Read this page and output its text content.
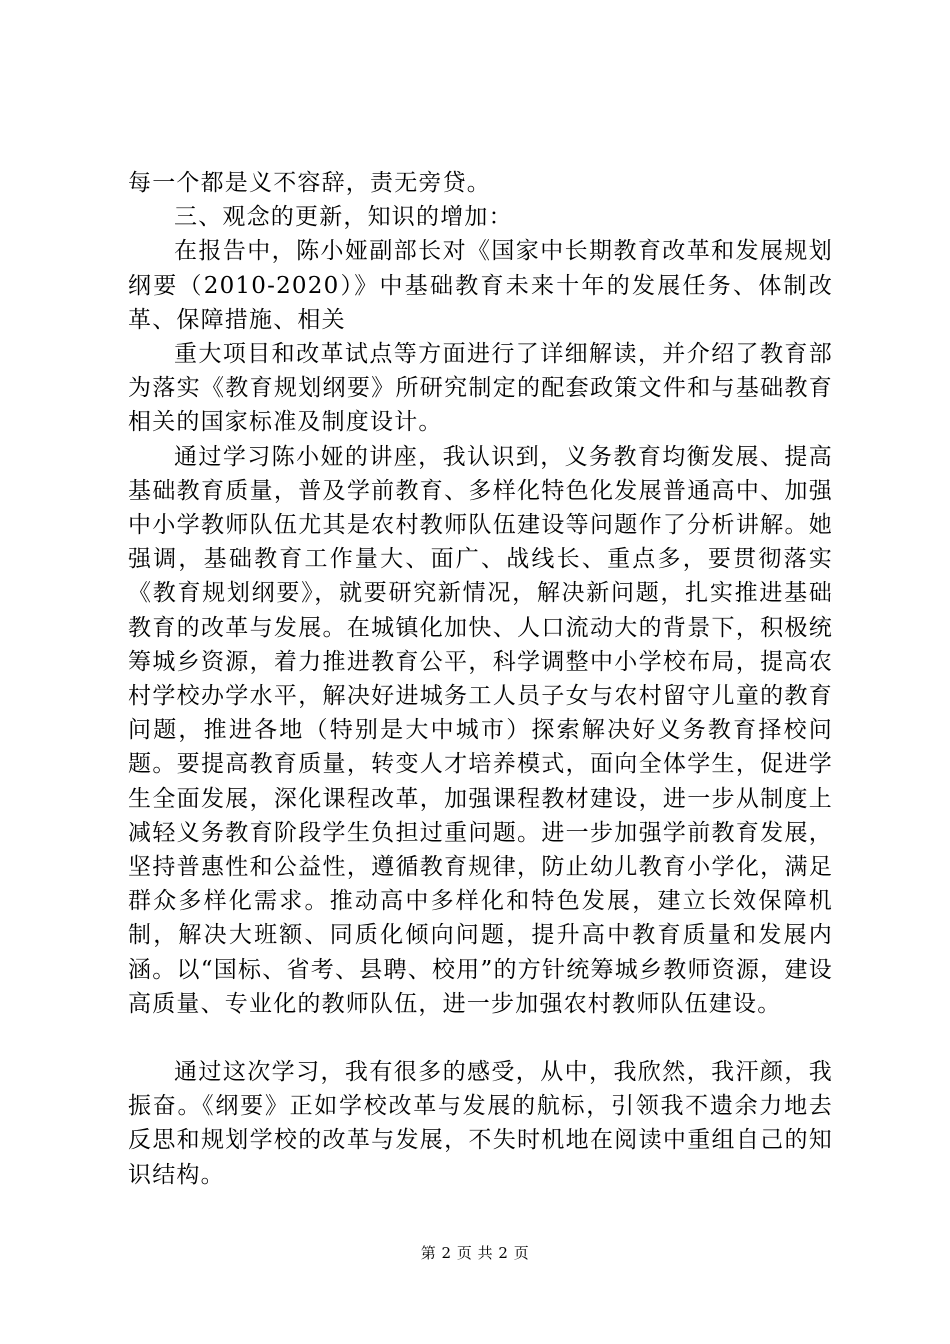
每一个都是义不容辞，责无旁贷。

三、观念的更新，知识的增加：

在报告中，陈小娅副部长对《国家中长期教育改革和发展规划纲要（2010-2020）》中基础教育未来十年的发展任务、体制改革、保障措施、相关

重大项目和改革试点等方面进行了详细解读，并介绍了教育部为落实《教育规划纲要》所研究制定的配套政策文件和与基础教育相关的国家标准及制度设计。

通过学习陈小娅的讲座，我认识到，义务教育均衡发展、提高基础教育质量，普及学前教育、多样化特色化发展普通高中、加强中小学教师队伍尤其是农村教师队伍建设等问题作了分析讲解。她强调，基础教育工作量大、面广、战线长、重点多，要贯彻落实《教育规划纲要》，就要研究新情况，解决新问题，扎实推进基础教育的改革与发展。在城镇化加快、人口流动大的背景下，积极统筹城乡资源，着力推进教育公平，科学调整中小学校布局，提高农村学校办学水平，解决好进城务工人员子女与农村留守儿童的教育问题，推进各地（特别是大中城市）探索解决好义务教育择校问题。要提高教育质量，转变人才培养模式，面向全体学生，促进学生全面发展，深化课程改革，加强课程教材建设，进一步从制度上减轻义务教育阶段学生负担过重问题。进一步加强学前教育发展，坚持普惠性和公益性，遵循教育规律，防止幼儿教育小学化，满足群众多样化需求。推动高中多样化和特色发展，建立长效保障机制，解决大班额、同质化倾向问题，提升高中教育质量和发展内涵。以“国标、省考、县聘、校用”的方针统筹城乡教师资源，建设高质量、专业化的教师队伍，进一步加强农村教师队伍建设。

通过这次学习，我有很多的感受，从中，我欣然，我汗颜，我振奋。《纲要》正如学校改革与发展的航标，引领我不遗余力地去反思和规划学校的改革与发展，不失时机地在阅读中重组自己的知识结构。

第 2 页 共 2 页
